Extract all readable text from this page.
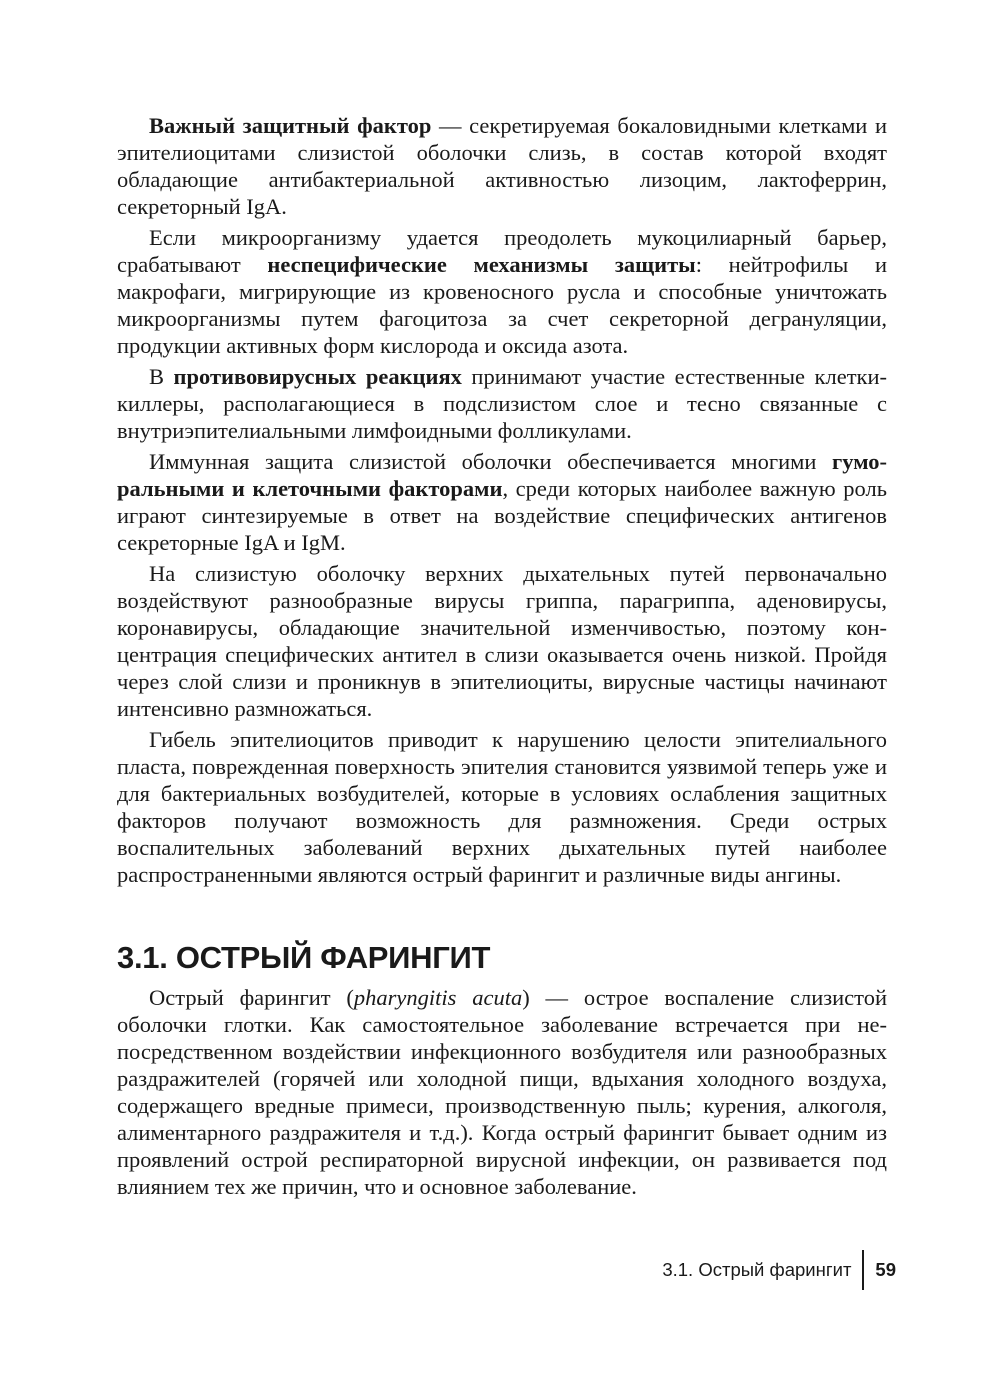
Важный защитный фактор — секретируемая бокаловидными клетками и эпителиоцитами слизистой оболочки слизь, в состав которой входят обладающие антибактериальной активностью лизоцим, лактоферрин, секреторный IgA.

Если микроорганизму удается преодолеть мукоцилиарный барьер, срабатывают неспецифические механизмы защиты: нейтрофилы и макрофаги, мигрирующие из кровеносного русла и способные уничтожать микроорганизмы путем фагоцитоза за счет секреторной дегрануляции, продукции активных форм кислорода и оксида азота.

В противовирусных реакциях принимают участие естественные клетки-киллеры, располагающиеся в подслизистом слое и тесно связанные с внутриэпителиальными лимфоидными фолликулами.

Иммунная защита слизистой оболочки обеспечивается многими гуморальными и клеточными факторами, среди которых наиболее важную роль играют синтезируемые в ответ на воздействие специфических антигенов секреторные IgA и IgM.

На слизистую оболочку верхних дыхательных путей первоначально воздействуют разнообразные вирусы гриппа, парагриппа, аденовирусы, коронавирусы, обладающие значительной изменчивостью, поэтому концентрация специфических антител в слизи оказывается очень низкой. Пройдя через слой слизи и проникнув в эпителиоциты, вирусные частицы начинают интенсивно размножаться.

Гибель эпителиоцитов приводит к нарушению целости эпителиального пласта, поврежденная поверхность эпителия становится уязвимой теперь уже и для бактериальных возбудителей, которые в условиях ослабления защитных факторов получают возможность для размножения. Среди острых воспалительных заболеваний верхних дыхательных путей наиболее распространенными являются острый фарингит и различные виды ангины.

3.1. ОСТРЫЙ ФАРИНГИТ

Острый фарингит (pharyngitis acuta) — острое воспаление слизистой оболочки глотки. Как самостоятельное заболевание встречается при непосредственном воздействии инфекционного возбудителя или разнообразных раздражителей (горячей или холодной пищи, вдыхания холодного воздуха, содержащего вредные примеси, производственную пыль; курения, алкоголя, алиментарного раздражителя и т.д.). Когда острый фарингит бывает одним из проявлений острой респираторной вирусной инфекции, он развивается под влиянием тех же причин, что и основное заболевание.

3.1. Острый фарингит	59
